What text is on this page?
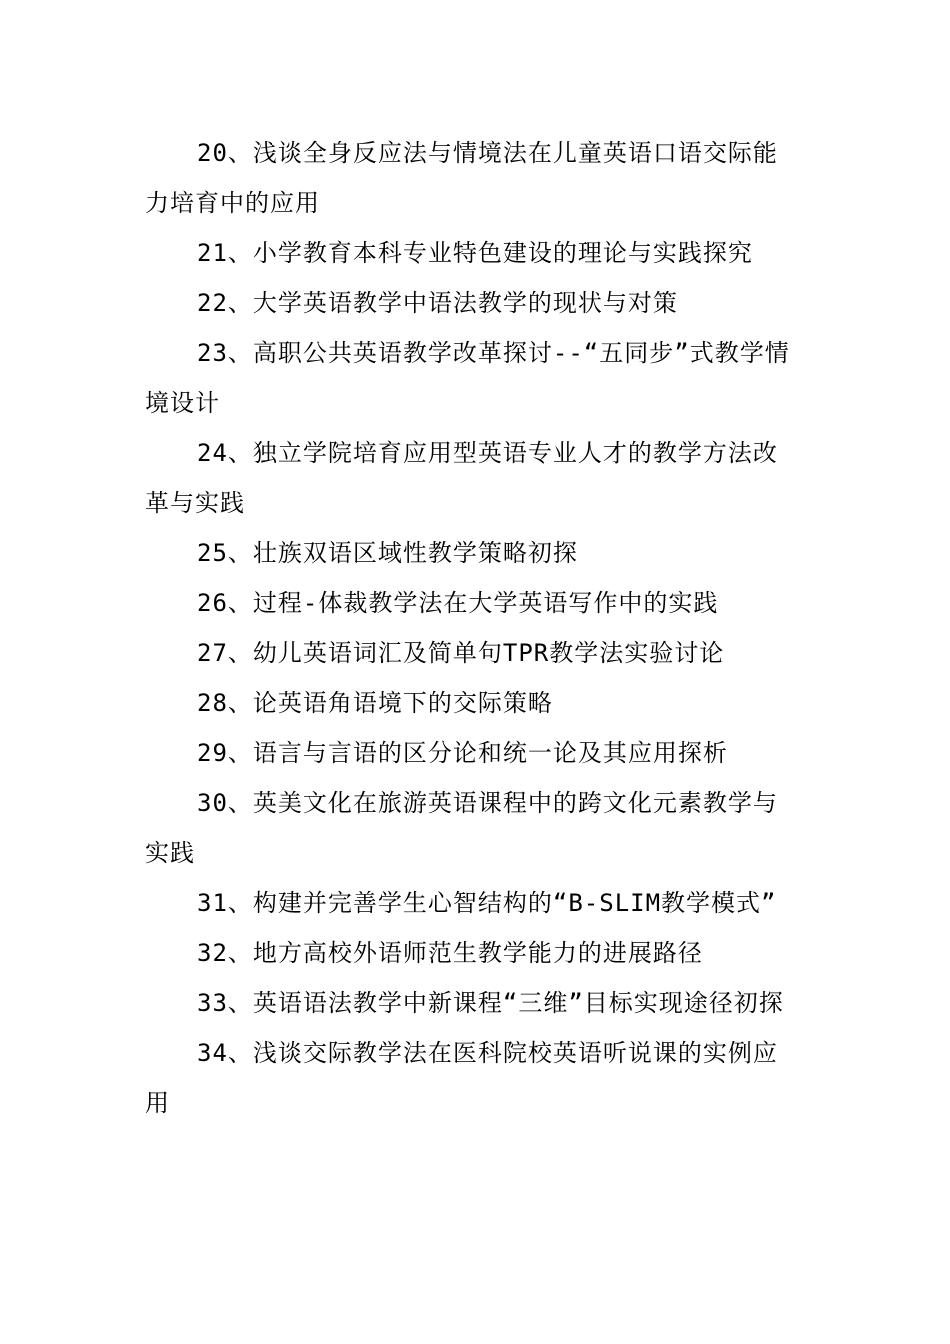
20、浅谈全身反应法与情境法在儿童英语口语交际能力培育中的应用

21、小学教育本科专业特色建设的理论与实践探究

22、大学英语教学中语法教学的现状与对策

23、高职公共英语教学改革探讨--“五同步”式教学情境设计

24、独立学院培育应用型英语专业人才的教学方法改革与实践

25、壮族双语区域性教学策略初探

26、过程-体裁教学法在大学英语写作中的实践

27、幼儿英语词汇及简单句TPR教学法实验讨论

28、论英语角语境下的交际策略

29、语言与言语的区分论和统一论及其应用探析

30、英美文化在旅游英语课程中的跨文化元素教学与实践

31、构建并完善学生心智结构的“B-SLIM教学模式”

32、地方高校外语师范生教学能力的进展路径

33、英语语法教学中新课程“三维”目标实现途径初探

34、浅谈交际教学法在医科院校英语听说课的实例应用
